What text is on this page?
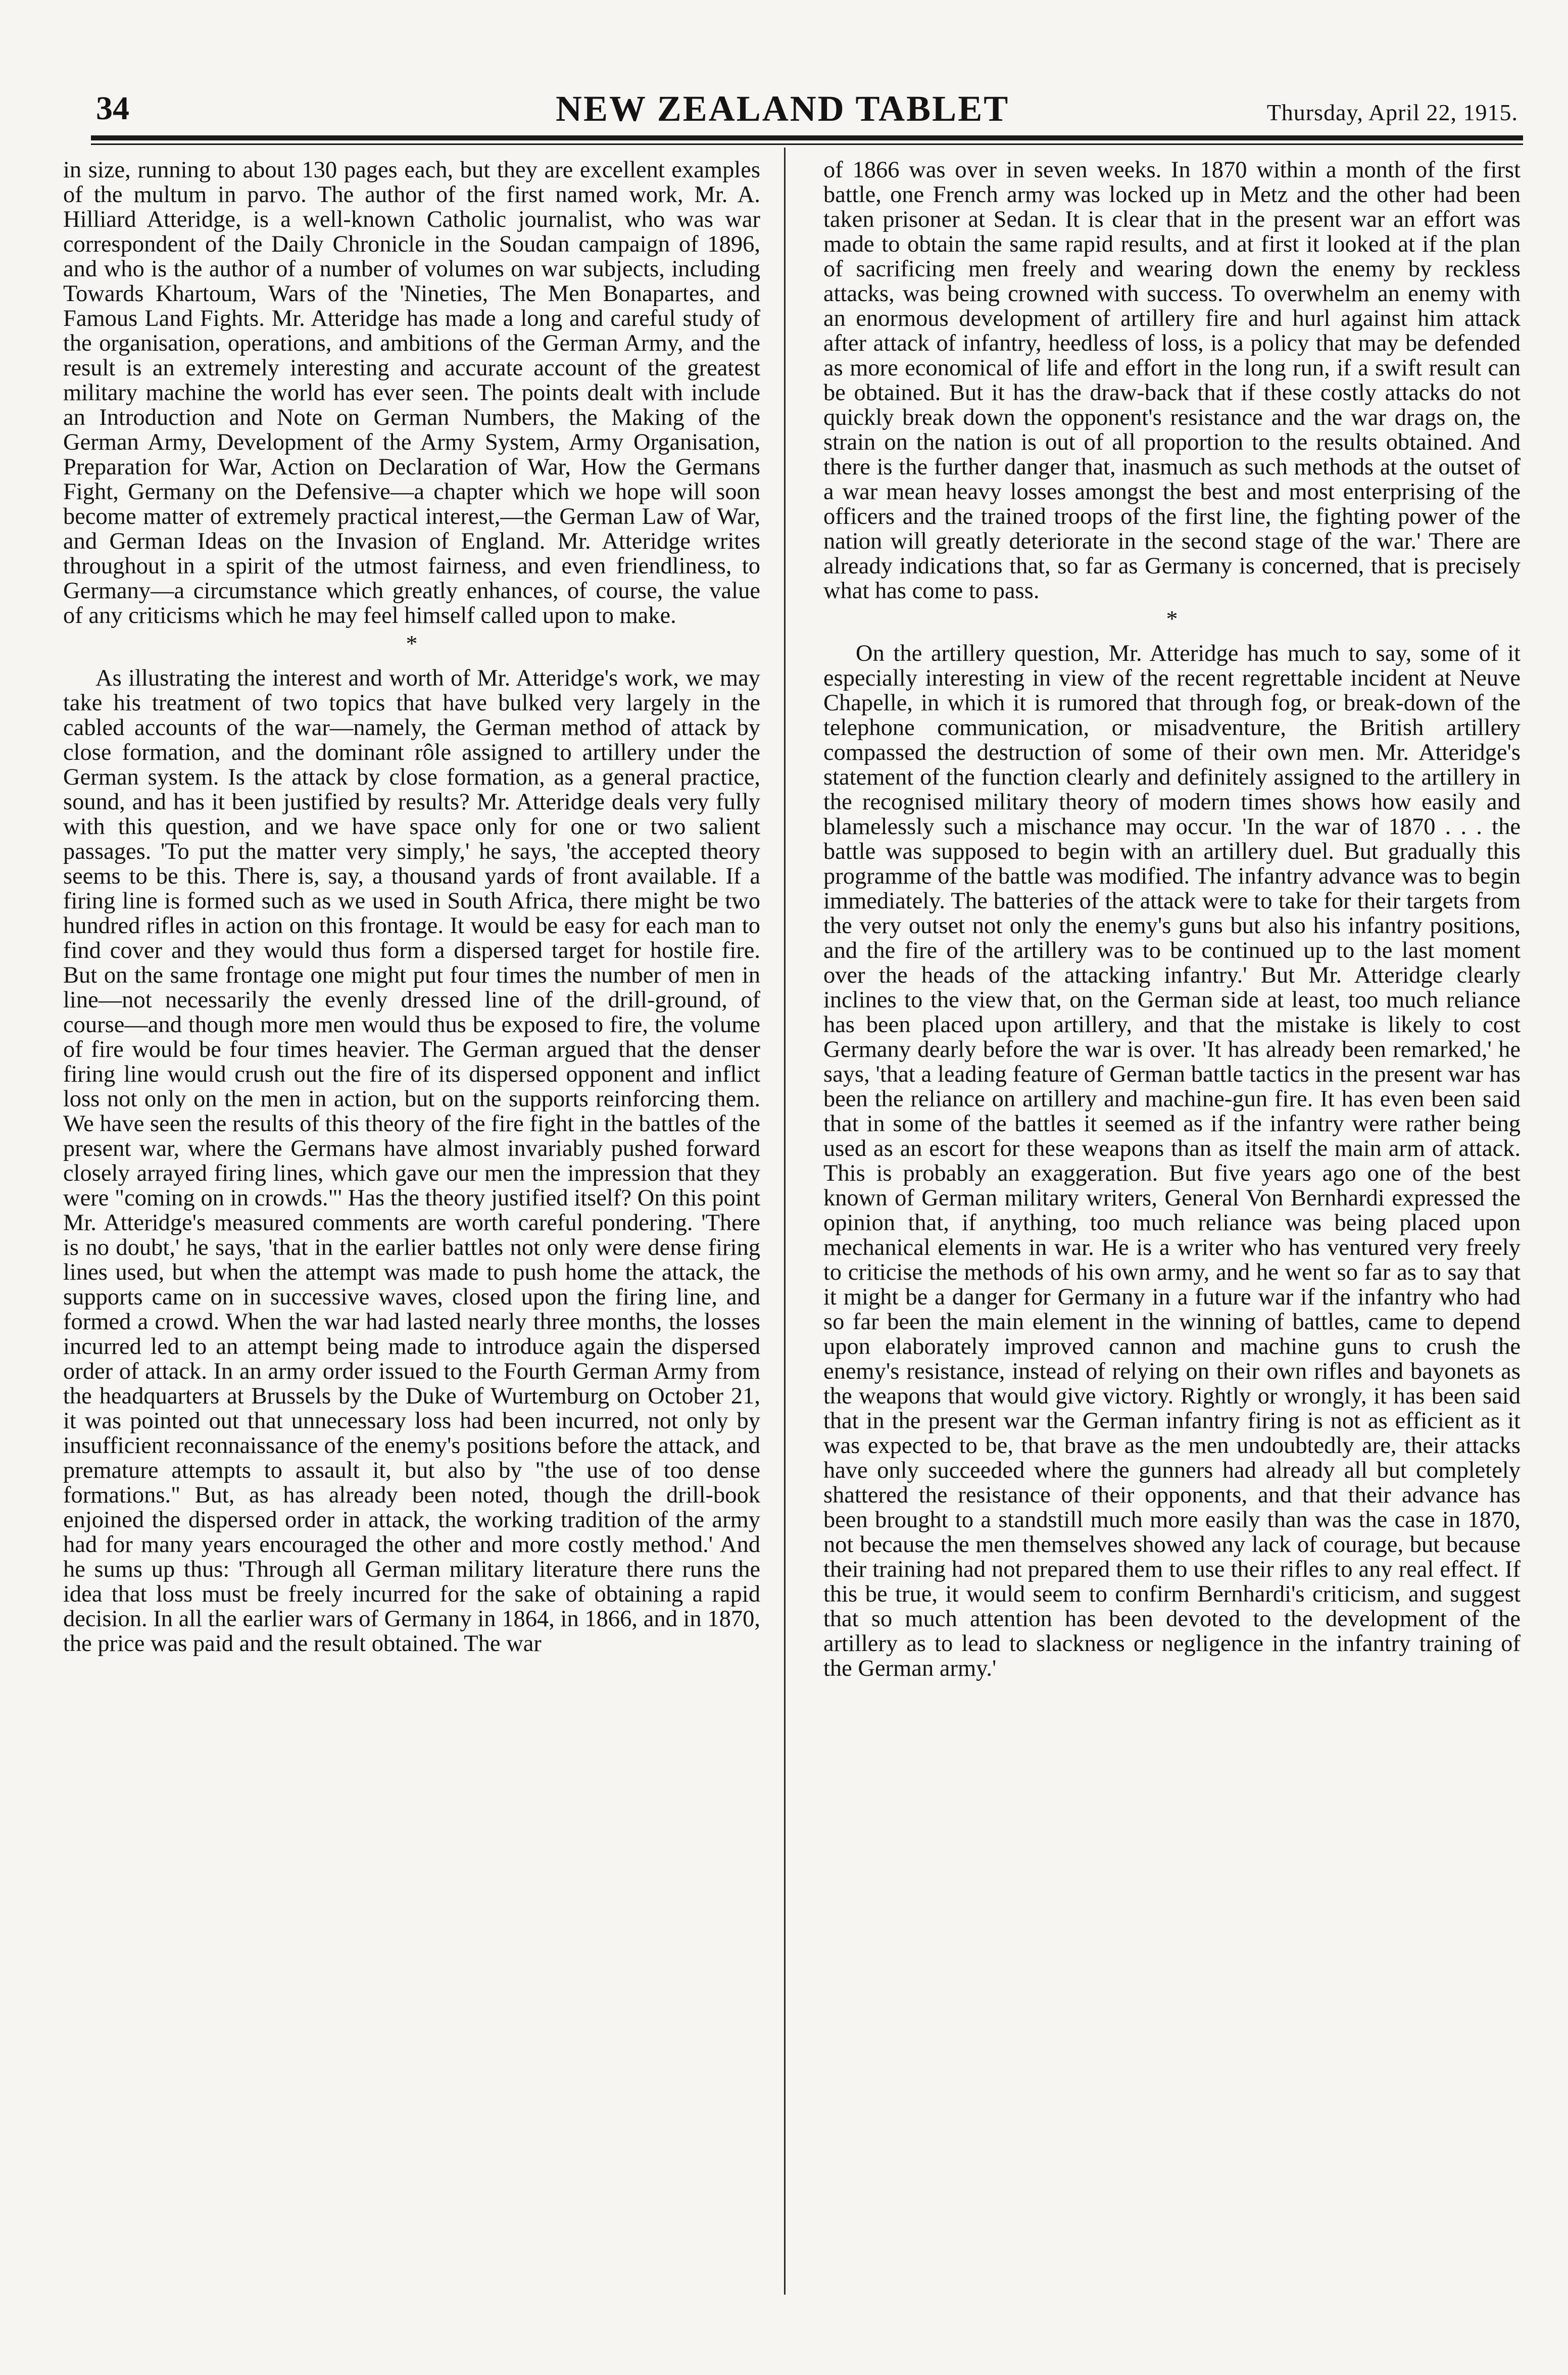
34	NEW ZEALAND TABLET	Thursday, April 22, 1915.

in size, running to about 130 pages each, but they are excellent examples of the multum in parvo. The author of the first named work, Mr. A. Hilliard Atteridge, is a well-known Catholic journalist, who was war correspondent of the Daily Chronicle in the Soudan campaign of 1896, and who is the author of a number of volumes on war subjects, including Towards Khartoum, Wars of the 'Nineties, The Men Bonapartes, and Famous Land Fights. Mr. Atteridge has made a long and careful study of the organisation, operations, and ambitions of the German Army, and the result is an extremely interesting and accurate account of the greatest military machine the world has ever seen. The points dealt with include an Introduction and Note on German Numbers, the Making of the German Army, Development of the Army System, Army Organisation, Preparation for War, Action on Declaration of War, How the Germans Fight, Germany on the Defensive—a chapter which we hope will soon become matter of extremely practical interest,—the German Law of War, and German Ideas on the Invasion of England. Mr. Atteridge writes throughout in a spirit of the utmost fairness, and even friendliness, to Germany—a circumstance which greatly enhances, of course, the value of any criticisms which he may feel himself called upon to make.

*

As illustrating the interest and worth of Mr. Atteridge's work, we may take his treatment of two topics that have bulked very largely in the cabled accounts of the war—namely, the German method of attack by close formation, and the dominant rôle assigned to artillery under the German system. Is the attack by close formation, as a general practice, sound, and has it been justified by results? Mr. Atteridge deals very fully with this question, and we have space only for one or two salient passages. 'To put the matter very simply,' he says, 'the accepted theory seems to be this. There is, say, a thousand yards of front available. If a firing line is formed such as we used in South Africa, there might be two hundred rifles in action on this frontage. It would be easy for each man to find cover and they would thus form a dispersed target for hostile fire. But on the same frontage one might put four times the number of men in line—not necessarily the evenly dressed line of the drill-ground, of course—and though more men would thus be exposed to fire, the volume of fire would be four times heavier. The German argued that the denser firing line would crush out the fire of its dispersed opponent and inflict loss not only on the men in action, but on the supports reinforcing them. We have seen the results of this theory of the fire fight in the battles of the present war, where the Germans have almost invariably pushed forward closely arrayed firing lines, which gave our men the impression that they were "coming on in crowds."' Has the theory justified itself? On this point Mr. Atteridge's measured comments are worth careful pondering. 'There is no doubt,' he says, 'that in the earlier battles not only were dense firing lines used, but when the attempt was made to push home the attack, the supports came on in successive waves, closed upon the firing line, and formed a crowd. When the war had lasted nearly three months, the losses incurred led to an attempt being made to introduce again the dispersed order of attack. In an army order issued to the Fourth German Army from the headquarters at Brussels by the Duke of Wurtemburg on October 21, it was pointed out that unnecessary loss had been incurred, not only by insufficient reconnaissance of the enemy's positions before the attack, and premature attempts to assault it, but also by "the use of too dense formations." But, as has already been noted, though the drill-book enjoined the dispersed order in attack, the working tradition of the army had for many years encouraged the other and more costly method.' And he sums up thus: 'Through all German military literature there runs the idea that loss must be freely incurred for the sake of obtaining a rapid decision. In all the earlier wars of Germany in 1864, in 1866, and in 1870, the price was paid and the result obtained. The war

of 1866 was over in seven weeks. In 1870 within a month of the first battle, one French army was locked up in Metz and the other had been taken prisoner at Sedan. It is clear that in the present war an effort was made to obtain the same rapid results, and at first it looked at if the plan of sacrificing men freely and wearing down the enemy by reckless attacks, was being crowned with success. To overwhelm an enemy with an enormous development of artillery fire and hurl against him attack after attack of infantry, heedless of loss, is a policy that may be defended as more economical of life and effort in the long run, if a swift result can be obtained. But it has the draw-back that if these costly attacks do not quickly break down the opponent's resistance and the war drags on, the strain on the nation is out of all proportion to the results obtained. And there is the further danger that, inasmuch as such methods at the outset of a war mean heavy losses amongst the best and most enterprising of the officers and the trained troops of the first line, the fighting power of the nation will greatly deteriorate in the second stage of the war.' There are already indications that, so far as Germany is concerned, that is precisely what has come to pass.

*

On the artillery question, Mr. Atteridge has much to say, some of it especially interesting in view of the recent regrettable incident at Neuve Chapelle, in which it is rumored that through fog, or break-down of the telephone communication, or misadventure, the British artillery compassed the destruction of some of their own men. Mr. Atteridge's statement of the function clearly and definitely assigned to the artillery in the recognised military theory of modern times shows how easily and blamelessly such a mischance may occur. 'In the war of 1870 . . . the battle was supposed to begin with an artillery duel. But gradually this programme of the battle was modified. The infantry advance was to begin immediately. The batteries of the attack were to take for their targets from the very outset not only the enemy's guns but also his infantry positions, and the fire of the artillery was to be continued up to the last moment over the heads of the attacking infantry.' But Mr. Atteridge clearly inclines to the view that, on the German side at least, too much reliance has been placed upon artillery, and that the mistake is likely to cost Germany dearly before the war is over. 'It has already been remarked,' he says, 'that a leading feature of German battle tactics in the present war has been the reliance on artillery and machine-gun fire. It has even been said that in some of the battles it seemed as if the infantry were rather being used as an escort for these weapons than as itself the main arm of attack. This is probably an exaggeration. But five years ago one of the best known of German military writers, General Von Bernhardi expressed the opinion that, if anything, too much reliance was being placed upon mechanical elements in war. He is a writer who has ventured very freely to criticise the methods of his own army, and he went so far as to say that it might be a danger for Germany in a future war if the infantry who had so far been the main element in the winning of battles, came to depend upon elaborately improved cannon and machine guns to crush the enemy's resistance, instead of relying on their own rifles and bayonets as the weapons that would give victory. Rightly or wrongly, it has been said that in the present war the German infantry firing is not as efficient as it was expected to be, that brave as the men undoubtedly are, their attacks have only succeeded where the gunners had already all but completely shattered the resistance of their opponents, and that their advance has been brought to a standstill much more easily than was the case in 1870, not because the men themselves showed any lack of courage, but because their training had not prepared them to use their rifles to any real effect. If this be true, it would seem to confirm Bernhardi's criticism, and suggest that so much attention has been devoted to the development of the artillery as to lead to slackness or negligence in the infantry training of the German army.'
